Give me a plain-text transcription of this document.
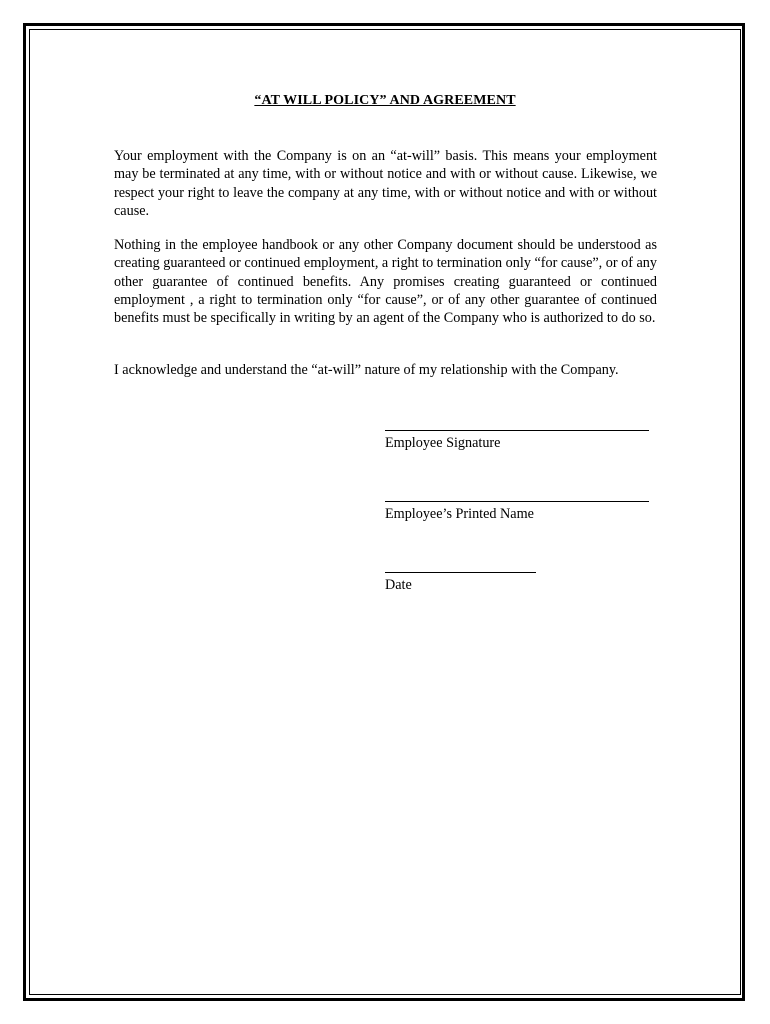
“AT WILL POLICY” AND AGREEMENT

Your employment with the Company is on an “at-will” basis. This means your employment may be terminated at any time, with or without notice and with or without cause. Likewise, we respect your right to leave the company at any time, with or without notice and with or without cause.

Nothing in the employee handbook or any other Company document should be understood as creating guaranteed or continued employment, a right to termination only “for cause”, or of any other guarantee of continued benefits. Any promises creating guaranteed or continued employment , a right to termination only “for cause”, or of any other guarantee of continued benefits must be specifically in writing by an agent of the Company who is authorized to do so.

I acknowledge and understand the “at-will” nature of my relationship with the Company.

Employee Signature
Employee’s Printed Name
Date
